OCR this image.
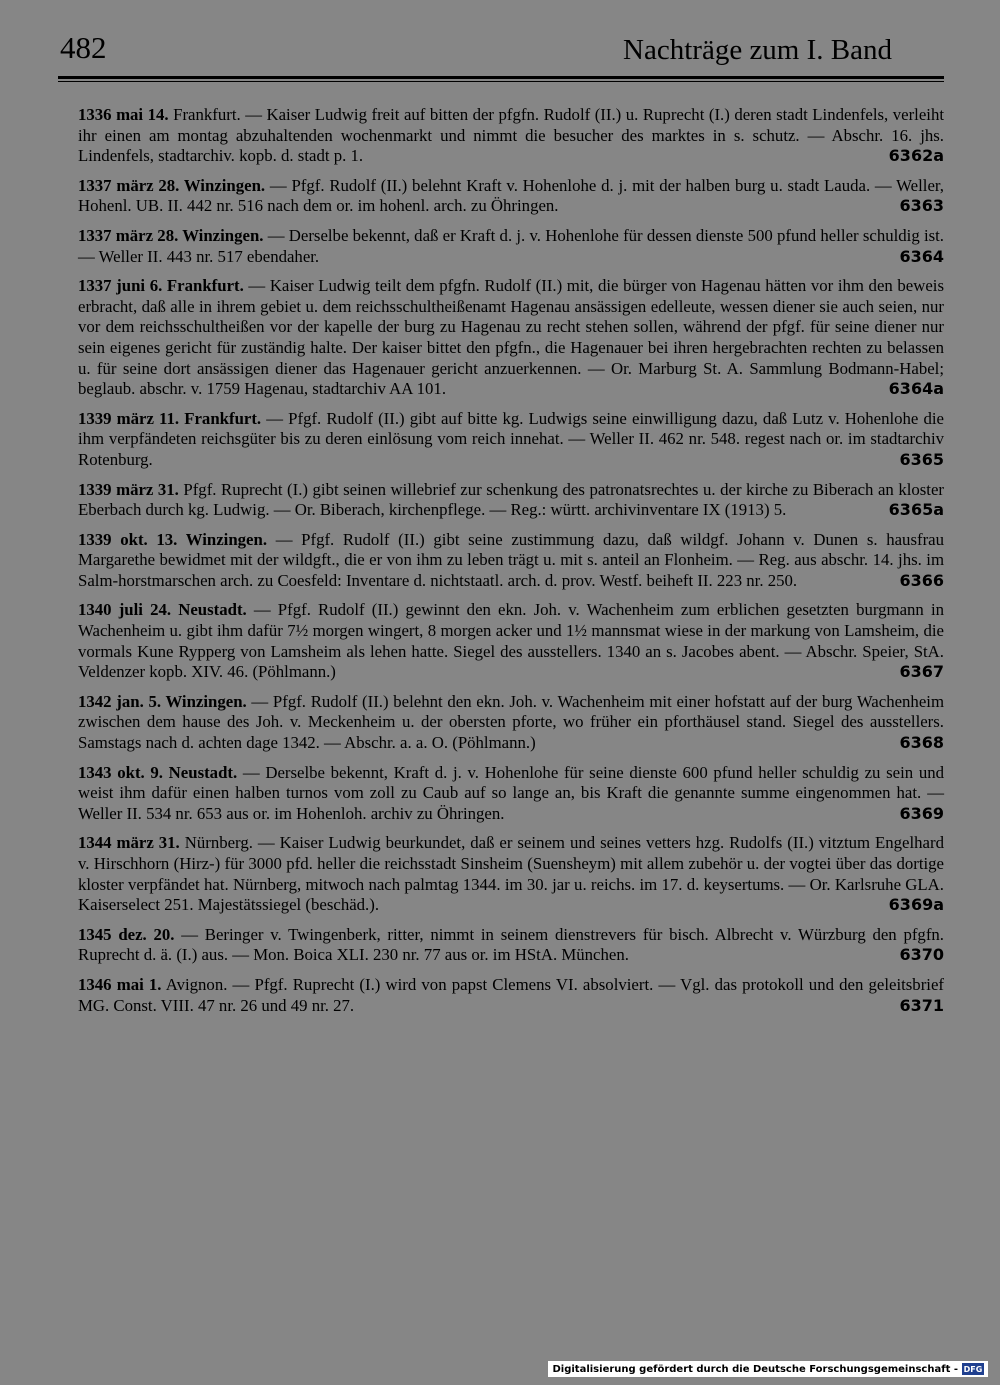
482	Nachträge zum I. Band

1336 mai 14. Frankfurt. — Kaiser Ludwig freit auf bitten der pfgfn. Rudolf (II.) u. Ruprecht (I.) deren stadt Lindenfels, verleiht ihr einen am montag abzuhaltenden wochenmarkt und nimmt die besucher des marktes in s. schutz. — Abschr. 16. jhs. Lindenfels, stadtarchiv. kopb. d. stadt p. 1.	6362a

1337 märz 28. Winzingen. — Pfgf. Rudolf (II.) belehnt Kraft v. Hohenlohe d. j. mit der halben burg u. stadt Lauda. — Weller, Hohenl. UB. II. 442 nr. 516 nach dem or. im hohenl. arch. zu Öhringen.	6363

1337 märz 28. Winzingen. — Derselbe bekennt, daß er Kraft d. j. v. Hohenlohe für dessen dienste 500 pfund heller schuldig ist. — Weller II. 443 nr. 517 ebendaher.	6364

1337 juni 6. Frankfurt. — Kaiser Ludwig teilt dem pfgfn. Rudolf (II.) mit, die bürger von Hagenau hätten vor ihm den beweis erbracht, daß alle in ihrem gebiet u. dem reichsschultheißenamt Hagenau ansässigen edelleute, wessen diener sie auch seien, nur vor dem reichsschultheißen vor der kapelle der burg zu Hagenau zu recht stehen sollen, während der pfgf. für seine diener nur sein eigenes gericht für zuständig halte. Der kaiser bittet den pfgfn., die Hagenauer bei ihren hergebrachten rechten zu belassen u. für seine dort ansässigen diener das Hagenauer gericht anzuerkennen. — Or. Marburg St. A. Sammlung Bodmann-Habel; beglaub. abschr. v. 1759 Hagenau, stadtarchiv AA 101.	6364a

1339 märz 11. Frankfurt. — Pfgf. Rudolf (II.) gibt auf bitte kg. Ludwigs seine einwilligung dazu, daß Lutz v. Hohenlohe die ihm verpfändeten reichsgüter bis zu deren einlösung vom reich innehat. — Weller II. 462 nr. 548. regest nach or. im stadtarchiv Rotenburg.	6365

1339 märz 31. Pfgf. Ruprecht (I.) gibt seinen willebrief zur schenkung des patronatsrechtes u. der kirche zu Biberach an kloster Eberbach durch kg. Ludwig. — Or. Biberach, kirchenpflege. — Reg.: württ. archivinventare IX (1913) 5.	6365a

1339 okt. 13. Winzingen. — Pfgf. Rudolf (II.) gibt seine zustimmung dazu, daß wildgf. Johann v. Dunen s. hausfrau Margarethe bewidmet mit der wildgft., die er von ihm zu leben trägt u. mit s. anteil an Flonheim. — Reg. aus abschr. 14. jhs. im Salm-horstmarschen arch. zu Coesfeld: Inventare d. nichtstaatl. arch. d. prov. Westf. beiheft II. 223 nr. 250.	6366

1340 juli 24. Neustadt. — Pfgf. Rudolf (II.) gewinnt den ekn. Joh. v. Wachenheim zum erblichen gesetzten burgmann in Wachenheim u. gibt ihm dafür 7½ morgen wingert, 8 morgen acker und 1½ mannsmat wiese in der markung von Lamsheim, die vormals Kune Rypperg von Lamsheim als lehen hatte. Siegel des ausstellers. 1340 an s. Jacobes abent. — Abschr. Speier, StA. Veldenzer kopb. XIV. 46. (Pöhlmann.)	6367

1342 jan. 5. Winzingen. — Pfgf. Rudolf (II.) belehnt den ekn. Joh. v. Wachenheim mit einer hofstatt auf der burg Wachenheim zwischen dem hause des Joh. v. Meckenheim u. der obersten pforte, wo früher ein pforthäusel stand. Siegel des ausstellers. Samstags nach d. achten dage 1342. — Abschr. a. a. O. (Pöhlmann.)	6368

1343 okt. 9. Neustadt. — Derselbe bekennt, Kraft d. j. v. Hohenlohe für seine dienste 600 pfund heller schuldig zu sein und weist ihm dafür einen halben turnos vom zoll zu Caub auf so lange an, bis Kraft die genannte summe eingenommen hat. — Weller II. 534 nr. 653 aus or. im Hohenloh. archiv zu Öhringen.	6369

1344 märz 31. Nürnberg. — Kaiser Ludwig beurkundet, daß er seinem und seines vetters hzg. Rudolfs (II.) vitztum Engelhard v. Hirschhorn (Hirz-) für 3000 pfd. heller die reichsstadt Sinsheim (Suensheym) mit allem zubehör u. der vogtei über das dortige kloster verpfändet hat. Nürnberg, mitwoch nach palmtag 1344. im 30. jar u. reichs. im 17. d. keysertums. — Or. Karlsruhe GLA. Kaiserselect 251. Majestätssiegel (beschäd.).	6369a

1345 dez. 20. — Beringer v. Twingenberk, ritter, nimmt in seinem dienstrevers für bisch. Albrecht v. Würzburg den pfgfn. Ruprecht d. ä. (I.) aus. — Mon. Boica XLI. 230 nr. 77 aus or. im HStA. München.	6370

1346 mai 1. Avignon. — Pfgf. Ruprecht (I.) wird von papst Clemens VI. absolviert. — Vgl. das protokoll und den geleitsbrief MG. Const. VIII. 47 nr. 26 und 49 nr. 27.	6371

Digitalisierung gefördert durch die Deutsche Forschungsgemeinschaft - DFG
